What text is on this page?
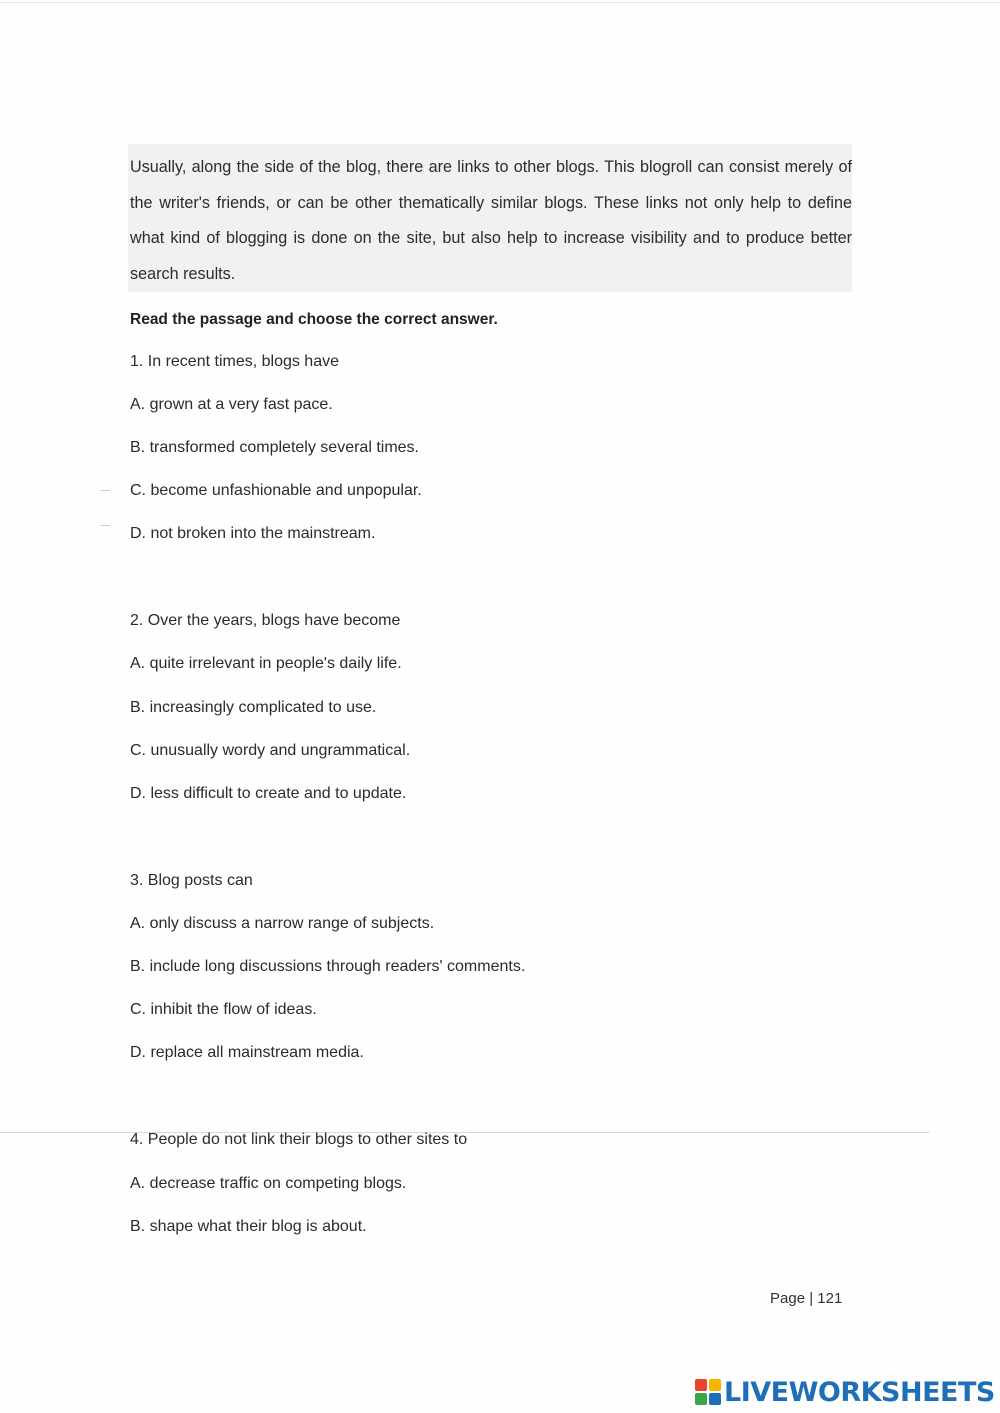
Usually, along the side of the blog, there are links to other blogs. This blogroll can consist merely of the writer's friends, or can be other thematically similar blogs. These links not only help to define what kind of blogging is done on the site, but also help to increase visibility and to produce better search results.

Read the passage and choose the correct answer.
1. In recent times, blogs have
A. grown at a very fast pace.
B. transformed completely several times.
C. become unfashionable and unpopular.
D. not broken into the mainstream.
2. Over the years, blogs have become
A. quite irrelevant in people's daily life.
B. increasingly complicated to use.
C. unusually wordy and ungrammatical.
D. less difficult to create and to update.
3. Blog posts can
A. only discuss a narrow range of subjects.
B. include long discussions through readers' comments.
C. inhibit the flow of ideas.
D. replace all mainstream media.
4. People do not link their blogs to other sites to
A. decrease traffic on competing blogs.
B. shape what their blog is about.
Page | 121
LIVEWORKSHEETS
